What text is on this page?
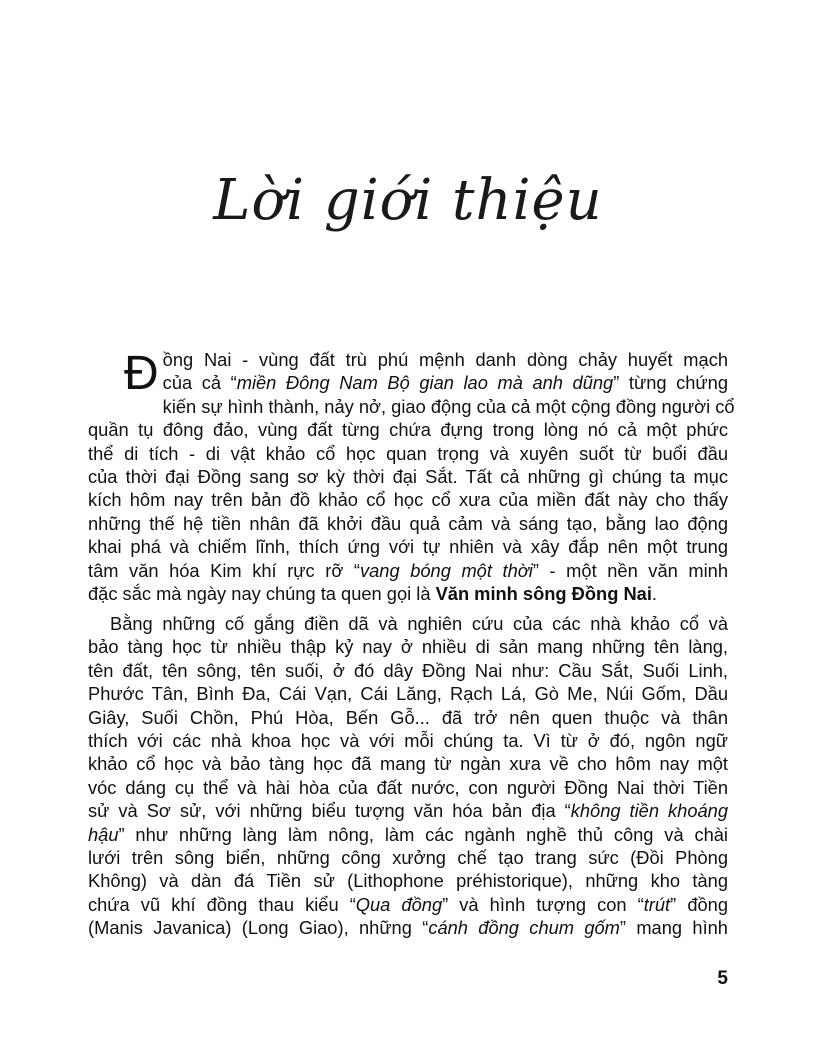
Lời giới thiệu
Đ ồng Nai - vùng đất trù phú mệnh danh dòng chảy huyết mạch
của cả “miền Đông Nam Bộ gian lao mà anh dũng” từng chứng
kiến sự hình thành, nảy nở, giao động của cả một cộng đồng người cổ
quần tụ đông đảo, vùng đất từng chứa đựng trong lòng nó cả một phức
thể di tích - di vật khảo cổ học quan trọng và xuyên suốt từ buổi đầu
của thời đại Đồng sang sơ kỳ thời đại Sắt. Tất cả những gì chúng ta mục
kích hôm nay trên bản đồ khảo cổ học cổ xưa của miền đất này cho thấy
những thế hệ tiền nhân đã khởi đầu quả cảm và sáng tạo, bằng lao động
khai phá và chiếm lĩnh, thích ứng với tự nhiên và xây đắp nên một trung
tâm văn hóa Kim khí rực rỡ “vang bóng một thời” - một nền văn minh
đặc sắc mà ngày nay chúng ta quen gọi là Văn minh sông Đồng Nai.
Bằng những cố gắng điền dã và nghiên cứu của các nhà khảo cổ và
bảo tàng học từ nhiều thập kỷ nay ở nhiều di sản mang những tên làng,
tên đất, tên sông, tên suối, ở đó dây Đồng Nai như: Cầu Sắt, Suối Linh,
Phước Tân, Bình Đa, Cái Vạn, Cái Lăng, Rạch Lá, Gò Me, Núi Gốm, Dầu
Giây, Suối Chồn, Phú Hòa, Bến Gỗ... đã trở nên quen thuộc và thân
thích với các nhà khoa học và với mỗi chúng ta. Vì từ ở đó, ngôn ngữ
khảo cổ học và bảo tàng học đã mang từ ngàn xưa về cho hôm nay một
vóc dáng cụ thể và hài hòa của đất nước, con người Đồng Nai thời Tiền
sử và Sơ sử, với những biểu tượng văn hóa bản địa “không tiền khoáng
hậu” như những làng làm nông, làm các ngành nghề thủ công và chài
lưới trên sông biển, những công xưởng chế tạo trang sức (Đồi Phòng
Không) và dàn đá Tiền sử (Lithophone préhistorique), những kho tàng
chứa vũ khí đồng thau kiểu “Qua đồng” và hình tượng con “trút” đồng
(Manis Javanica) (Long Giao), những “cánh đồng chum gốm” mang hình
5
